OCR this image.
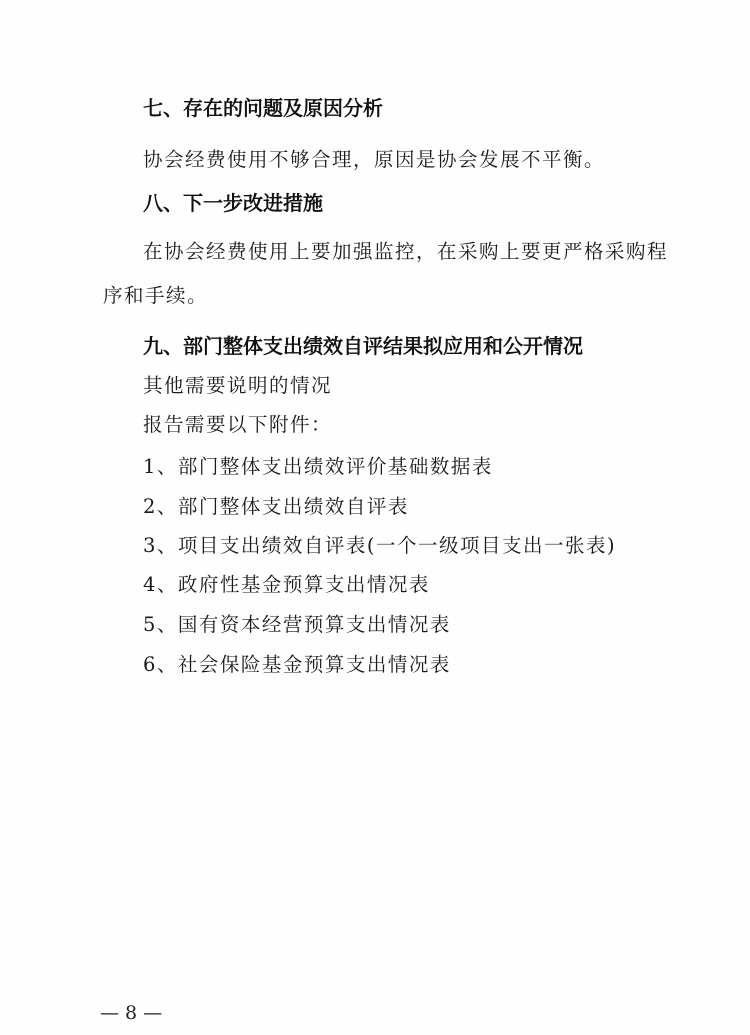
七、存在的问题及原因分析
协会经费使用不够合理，原因是协会发展不平衡。
八、下一步改进措施
在协会经费使用上要加强监控，在采购上要更严格采购程
序和手续。
九、部门整体支出绩效自评结果拟应用和公开情况
其他需要说明的情况
报告需要以下附件：
1、部门整体支出绩效评价基础数据表
2、部门整体支出绩效自评表
3、项目支出绩效自评表(一个一级项目支出一张表)
4、政府性基金预算支出情况表
5、国有资本经营预算支出情况表
6、社会保险基金预算支出情况表
— 8 —
